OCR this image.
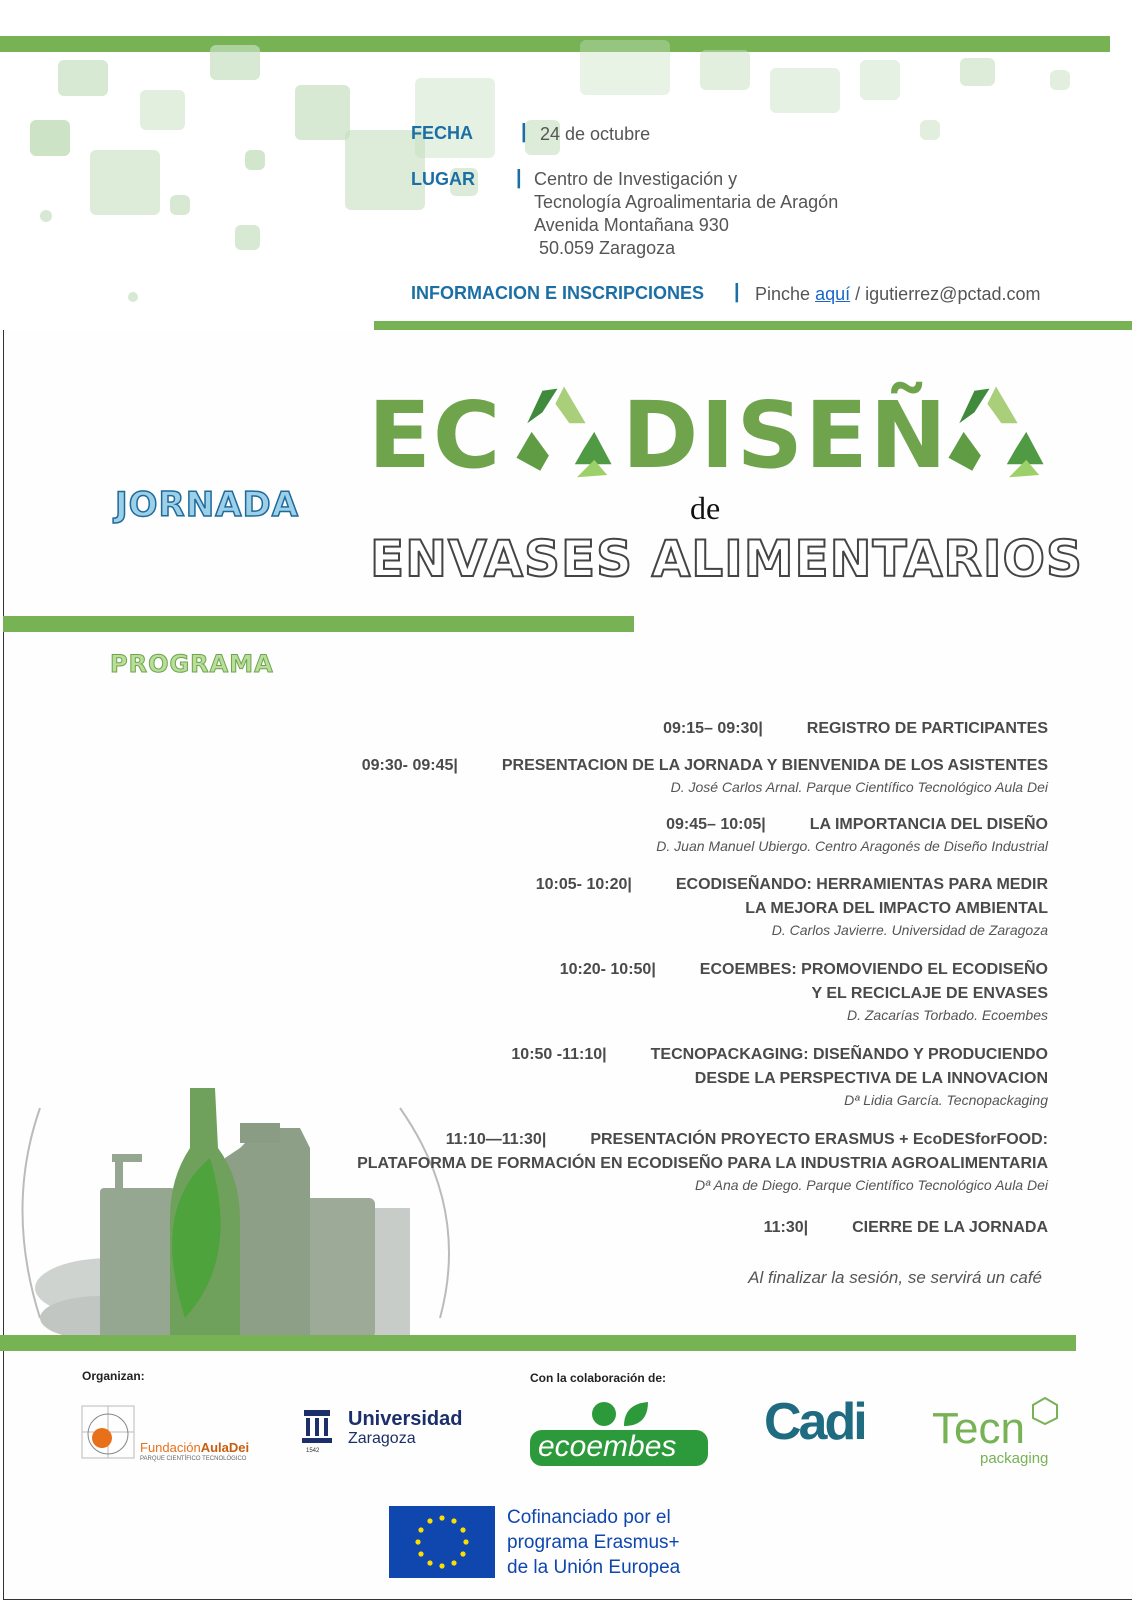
FECHA | 24 de octubre
LUGAR | Centro de Investigación y
Tecnología Agroalimentaria de Aragón
Avenida Montañana 930
50.059 Zaragoza
INFORMACION E INSCRIPCIONES | Pinche aquí / igutierrez@pctad.com
JORNADA
EC DISEÑ
de
ENVASES ALIMENTARIOS
PROGRAMA
09:15– 09:30|	REGISTRO DE PARTICIPANTES
09:30- 09:45|	PRESENTACION DE LA JORNADA Y BIENVENIDA DE LOS ASISTENTES
D. José Carlos Arnal. Parque Científico Tecnológico Aula Dei
09:45– 10:05|	LA IMPORTANCIA DEL DISEÑO
D. Juan Manuel Ubiergo. Centro Aragonés de Diseño Industrial
10:05- 10:20|	ECODISEÑANDO: HERRAMIENTAS PARA MEDIR
LA MEJORA DEL IMPACTO AMBIENTAL
D. Carlos Javierre. Universidad de Zaragoza
10:20- 10:50|	ECOEMBES: PROMOVIENDO EL ECODISEÑO
Y EL RECICLAJE DE ENVASES
D. Zacarías Torbado. Ecoembes
10:50 -11:10|	TECNOPACKAGING: DISEÑANDO Y PRODUCIENDO
DESDE LA PERSPECTIVA DE LA INNOVACION
Dª Lidia García. Tecnopackaging
11:10—11:30|	PRESENTACIÓN PROYECTO ERASMUS + EcoDESforFOOD:
PLATAFORMA DE FORMACIÓN EN ECODISEÑO PARA LA INDUSTRIA AGROALIMENTARIA
Dª Ana de Diego. Parque Científico Tecnológico Aula Dei
11:30|	CIERRE DE LA JORNADA
Al finalizar la sesión, se servirá un café
Organizan:	Con la colaboración de:
FundaciónAulaDei
PARQUE CIENTÍFICO TECNOLÓGICO
1542
Universidad
Zaragoza	ecoembes Cadi Tecn
packaging
Cofinanciado por el
programa Erasmus+
de la Unión Europea
